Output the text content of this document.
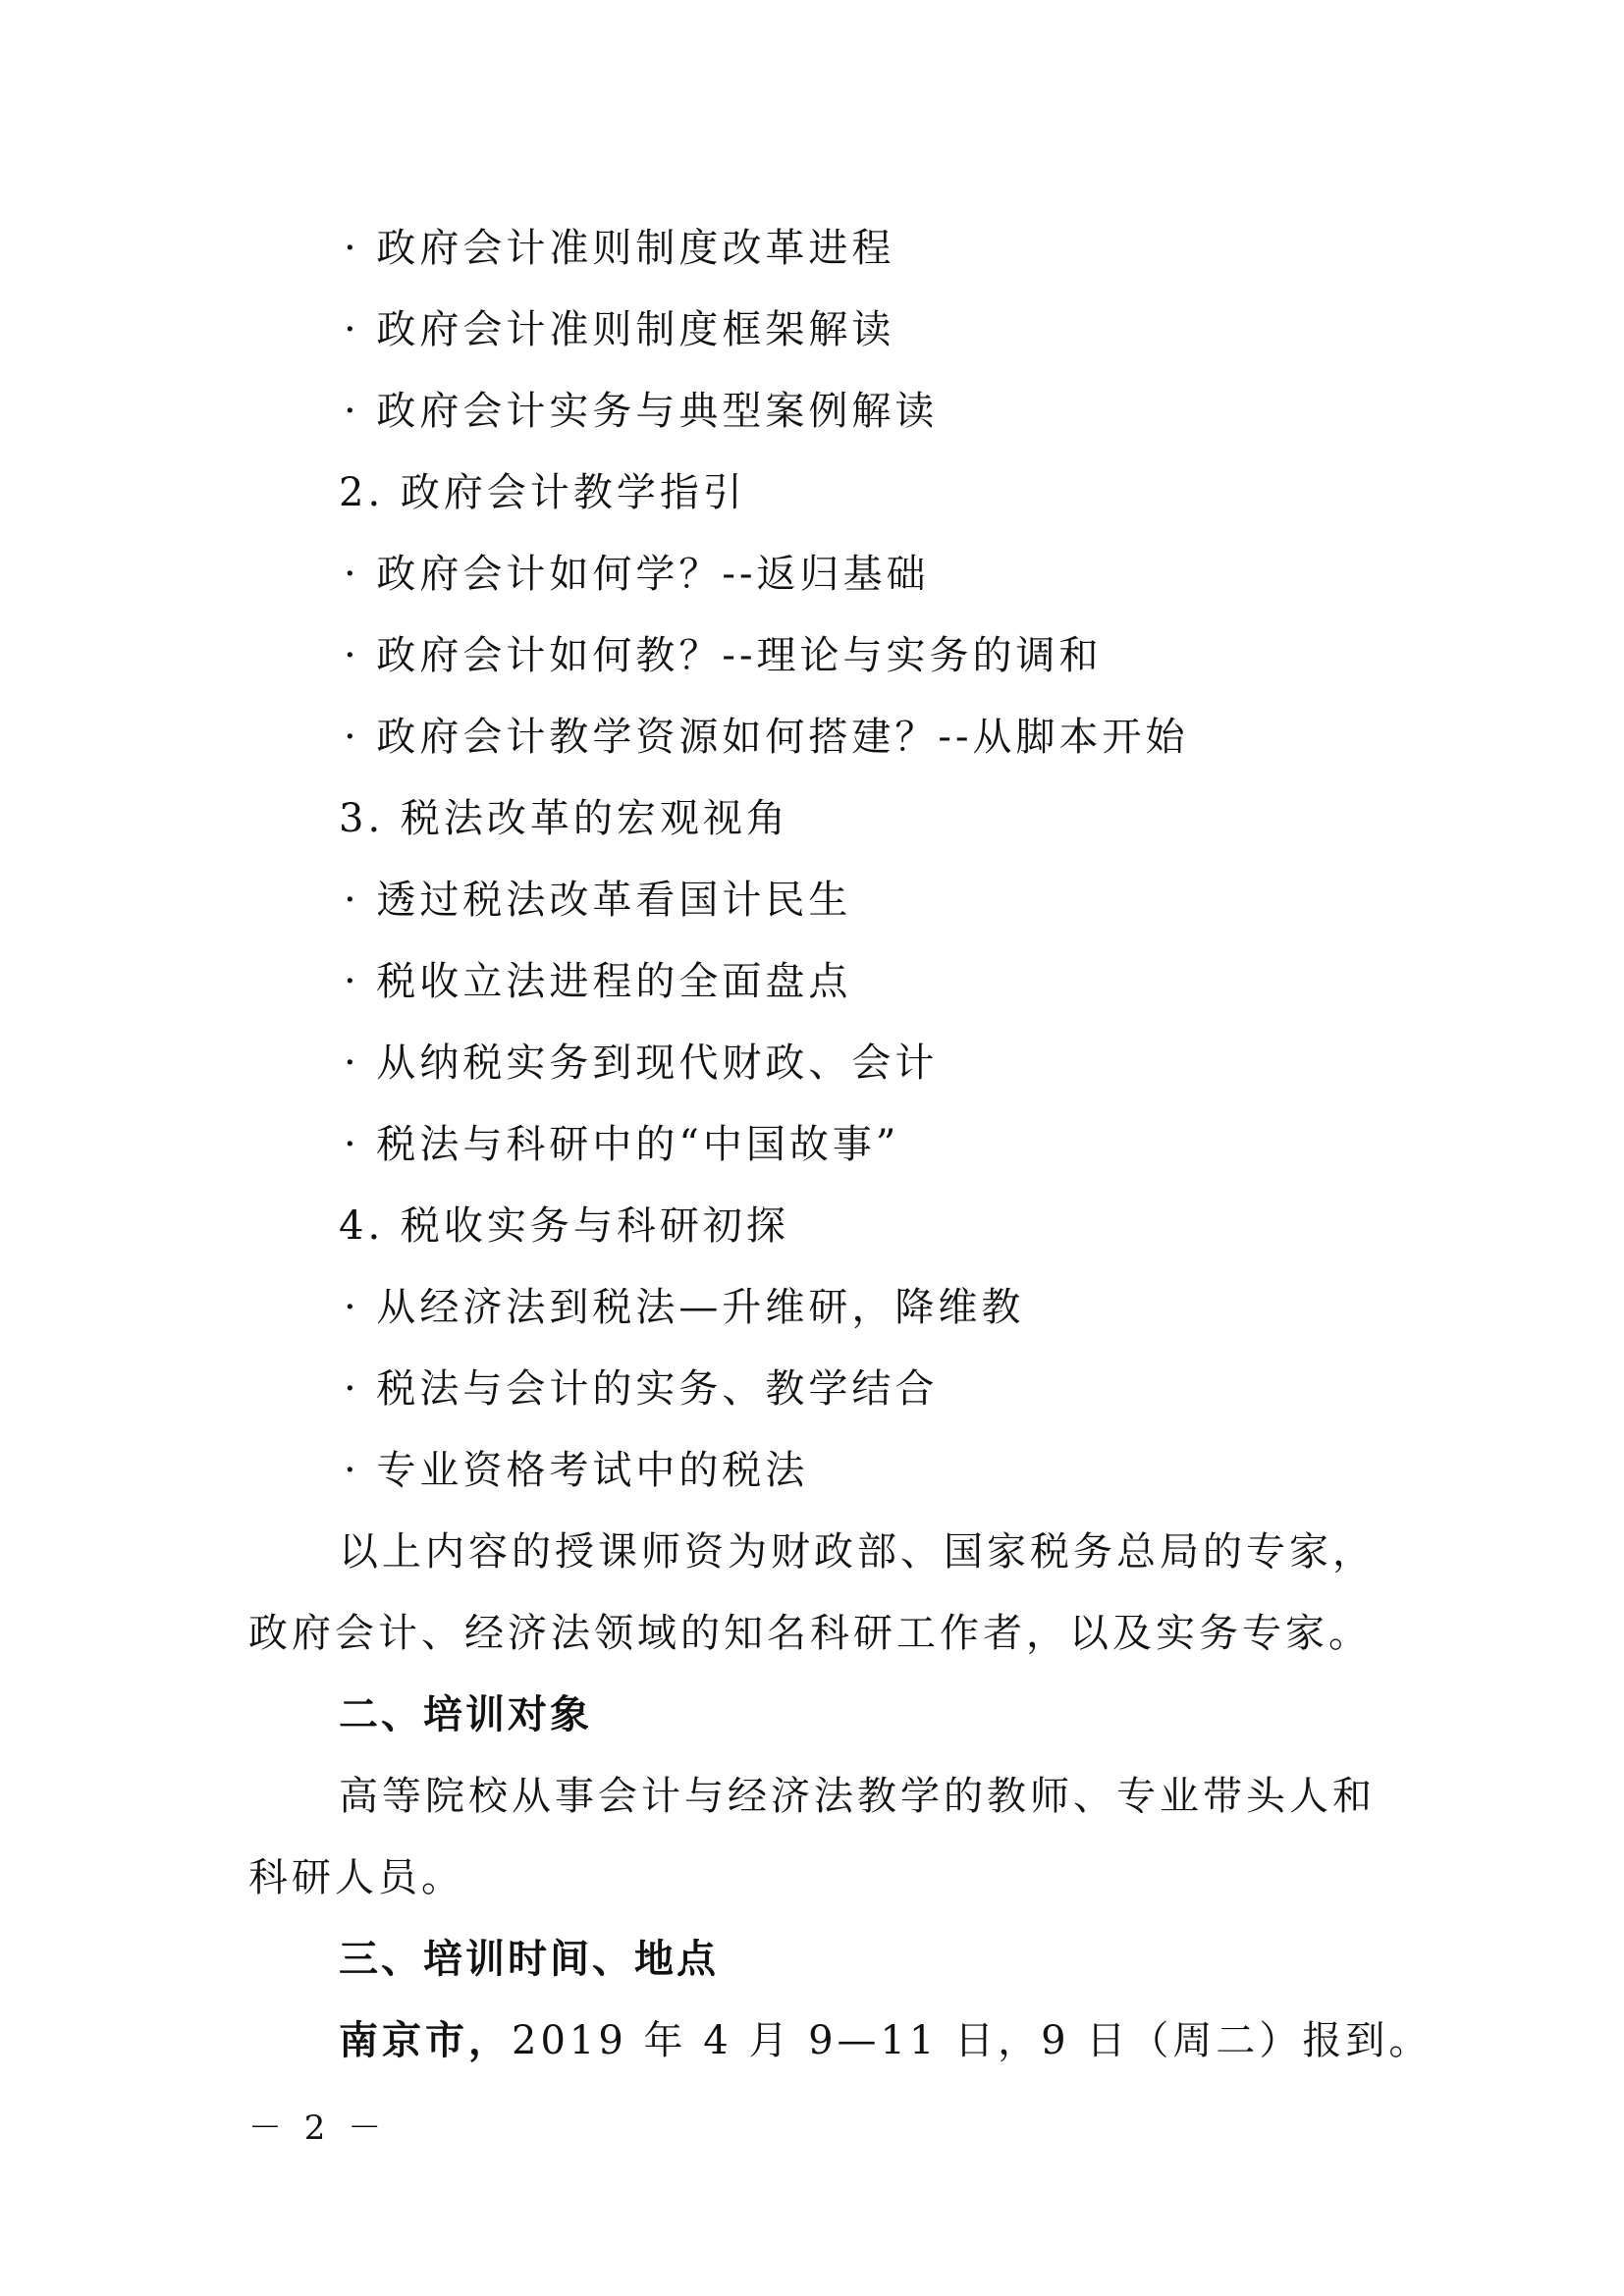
· 政府会计准则制度改革进程
· 政府会计准则制度框架解读
· 政府会计实务与典型案例解读
2. 政府会计教学指引
· 政府会计如何学？--返归基础
· 政府会计如何教？--理论与实务的调和
· 政府会计教学资源如何搭建？--从脚本开始
3. 税法改革的宏观视角
· 透过税法改革看国计民生
· 税收立法进程的全面盘点
· 从纳税实务到现代财政、会计
· 税法与科研中的“中国故事”
4. 税收实务与科研初探
· 从经济法到税法—升维研，降维教
· 税法与会计的实务、教学结合
· 专业资格考试中的税法
以上内容的授课师资为财政部、国家税务总局的专家，
政府会计、经济法领域的知名科研工作者，以及实务专家。
二、培训对象
高等院校从事会计与经济法教学的教师、专业带头人和
科研人员。
三、培训时间、地点
南京市，2019 年 4 月 9—11 日，9 日（周二）报到。
－ 2 －
